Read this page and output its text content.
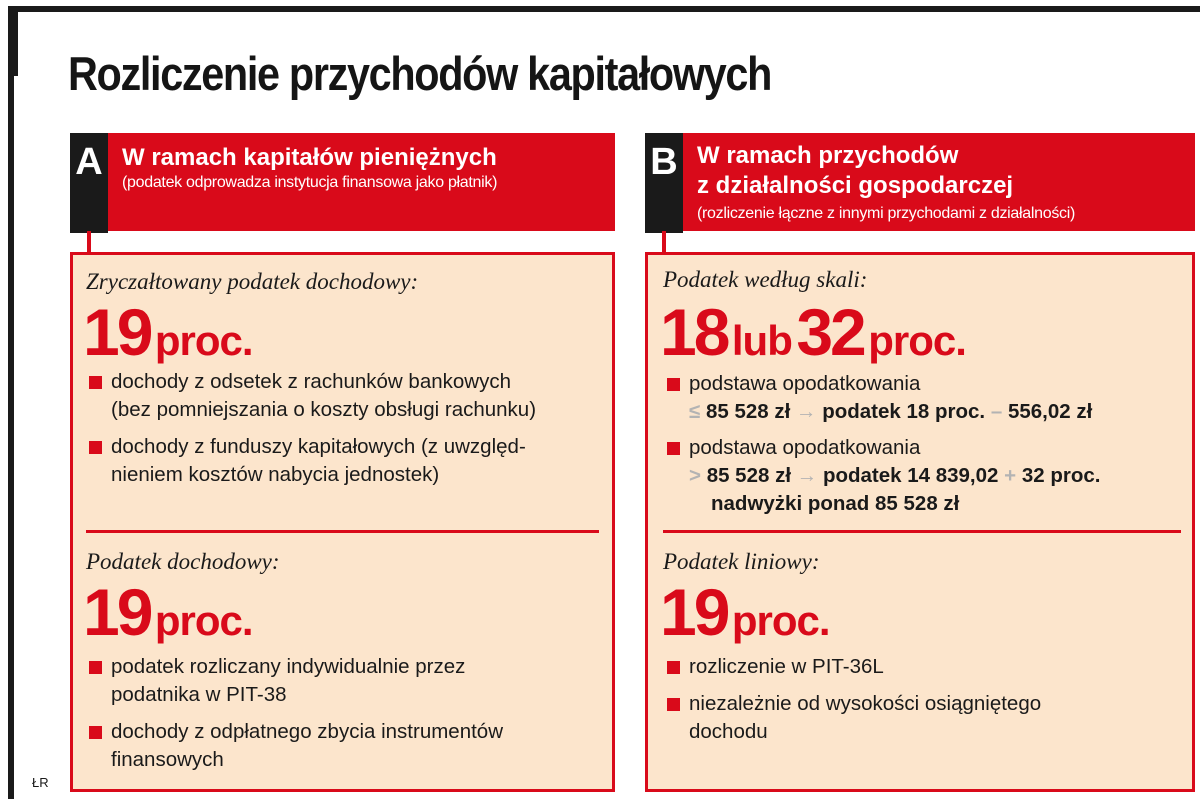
Rozliczenie przychodów kapitałowych
A W ramach kapitałów pieniężnych
(podatek odprowadza instytucja finansowa jako płatnik)
Zryczałtowany podatek dochodowy:
19 proc.
dochody z odsetek z rachunków bankowych
(bez pomniejszania o koszty obsługi rachunku)
dochody z funduszy kapitałowych (z uwzględ-
nieniem kosztów nabycia jednostek)
Podatek dochodowy:
19 proc.
podatek rozliczany indywidualnie przez
podatnika w PIT-38
dochody z odpłatnego zbycia instrumentów
finansowych
B W ramach przychodów
z działalności gospodarczej
(rozliczenie łączne z innymi przychodami z działalności)
Podatek według skali:
18 lub 32 proc.
podstawa opodatkowania
≤ 85 528 zł → podatek 18 proc. – 556,02 zł
podstawa opodatkowania
> 85 528 zł → podatek 14 839,02 + 32 proc.
nadwyżki ponad 85 528 zł
Podatek liniowy:
19 proc.
rozliczenie w PIT-36L
niezależnie od wysokości osiągniętego
dochodu
ŁR
